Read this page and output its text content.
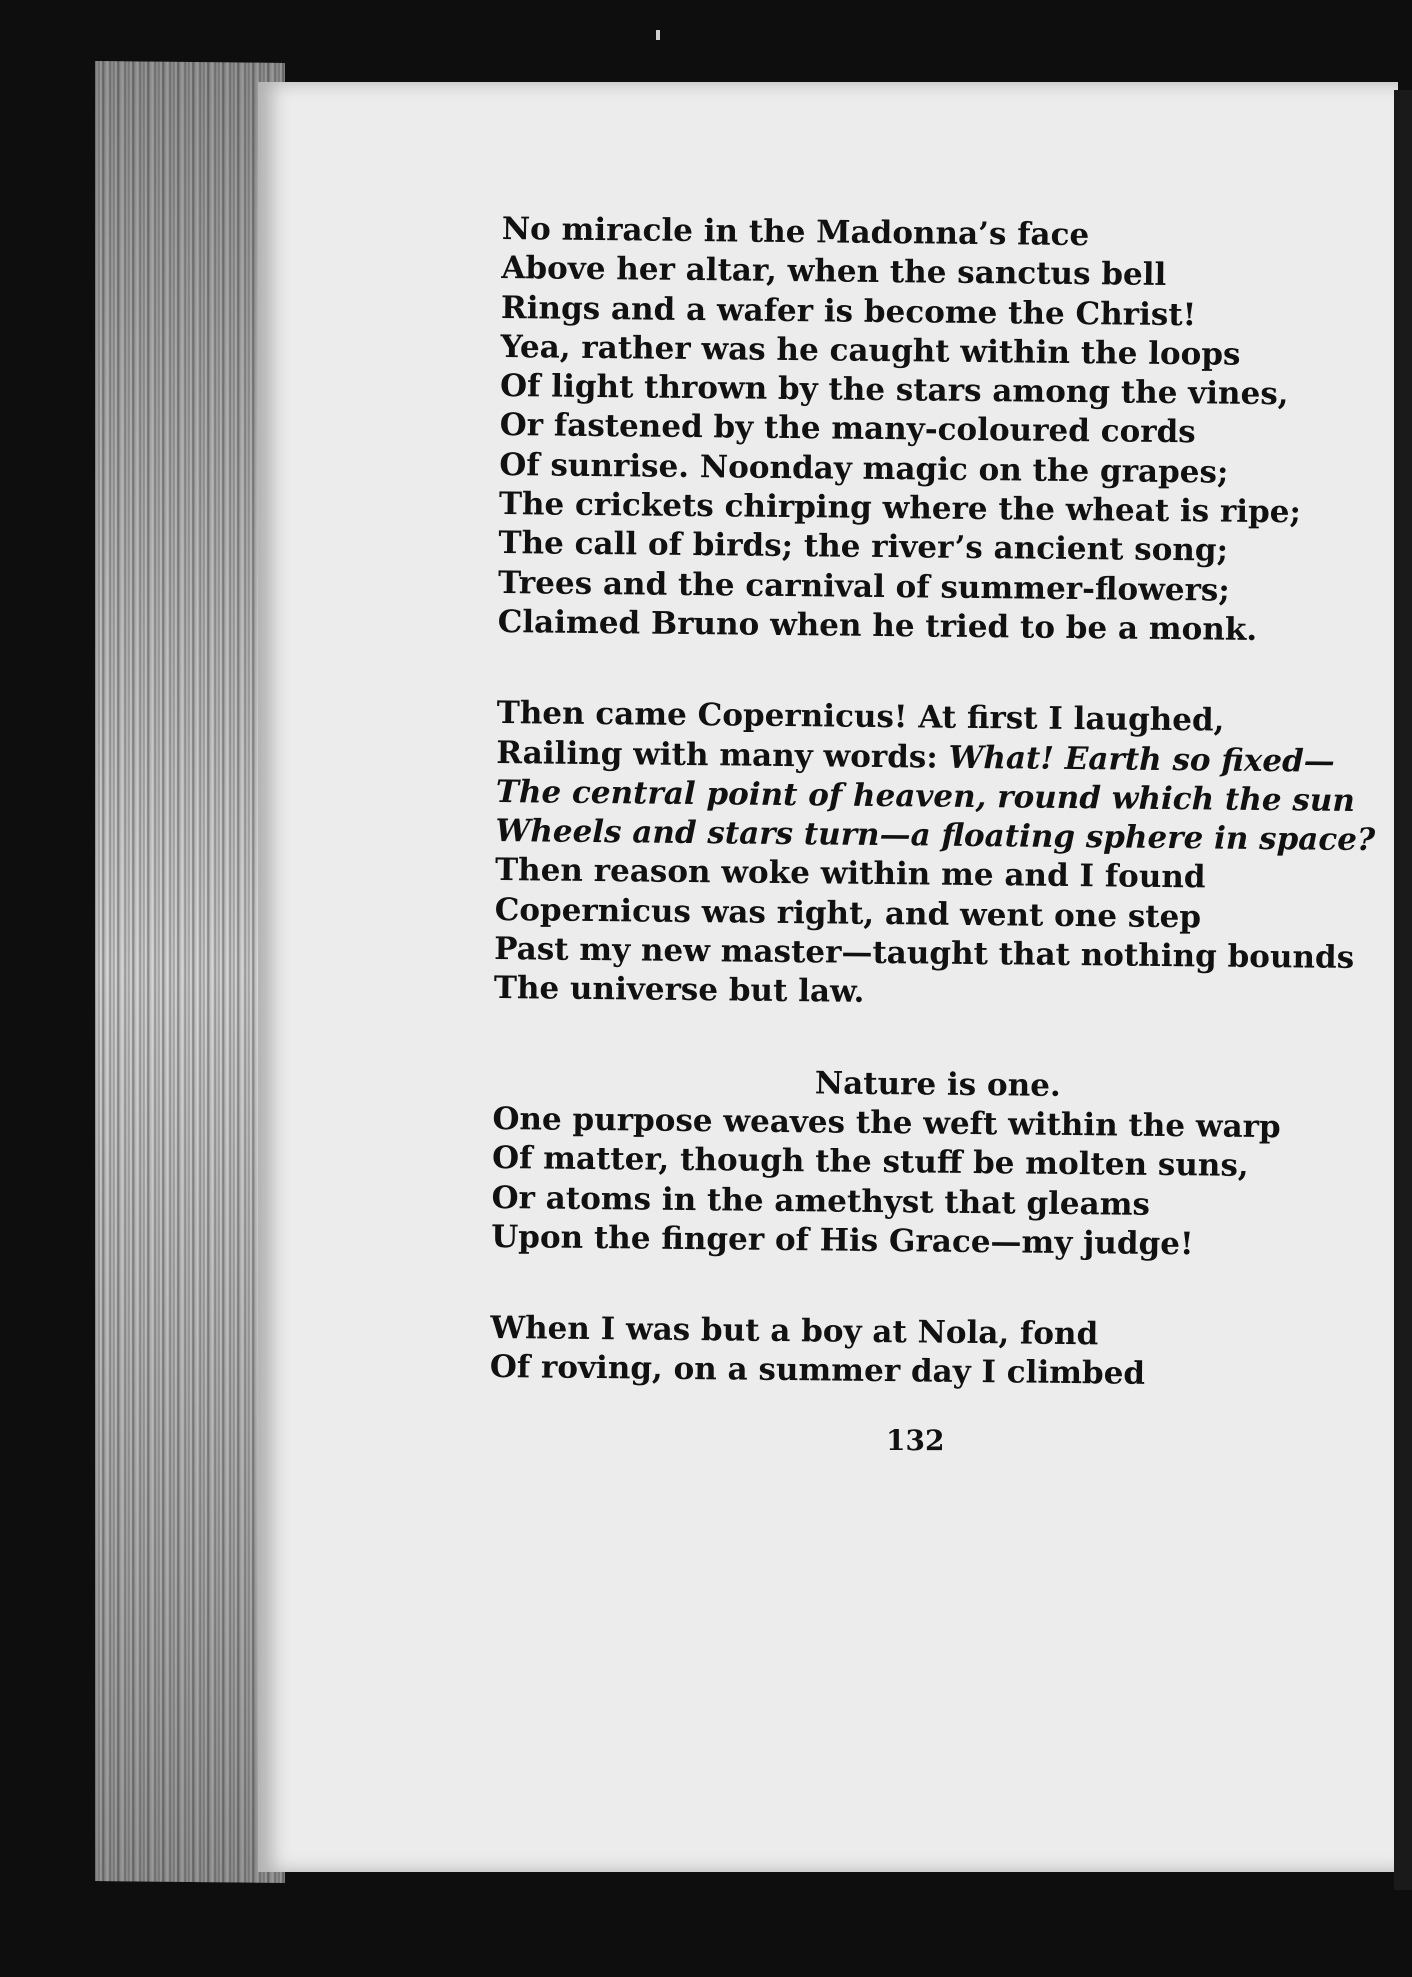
No miracle in the Madonna’s face
Above her altar, when the sanctus bell
Rings and a wafer is become the Christ!
Yea, rather was he caught within the loops
Of light thrown by the stars among the vines,
Or fastened by the many-coloured cords
Of sunrise. Noonday magic on the grapes;
The crickets chirping where the wheat is ripe;
The call of birds; the river’s ancient song;
Trees and the carnival of summer-flowers;
Claimed Bruno when he tried to be a monk.
Then came Copernicus! At first I laughed,
Railing with many words: What! Earth so fixed—
The central point of heaven, round which the sun
Wheels and stars turn—a floating sphere in space?
Then reason woke within me and I found
Copernicus was right, and went one step
Past my new master—taught that nothing bounds
The universe but law.
Nature is one.
One purpose weaves the weft within the warp
Of matter, though the stuff be molten suns,
Or atoms in the amethyst that gleams
Upon the finger of His Grace—my judge!
When I was but a boy at Nola, fond
Of roving, on a summer day I climbed
132
